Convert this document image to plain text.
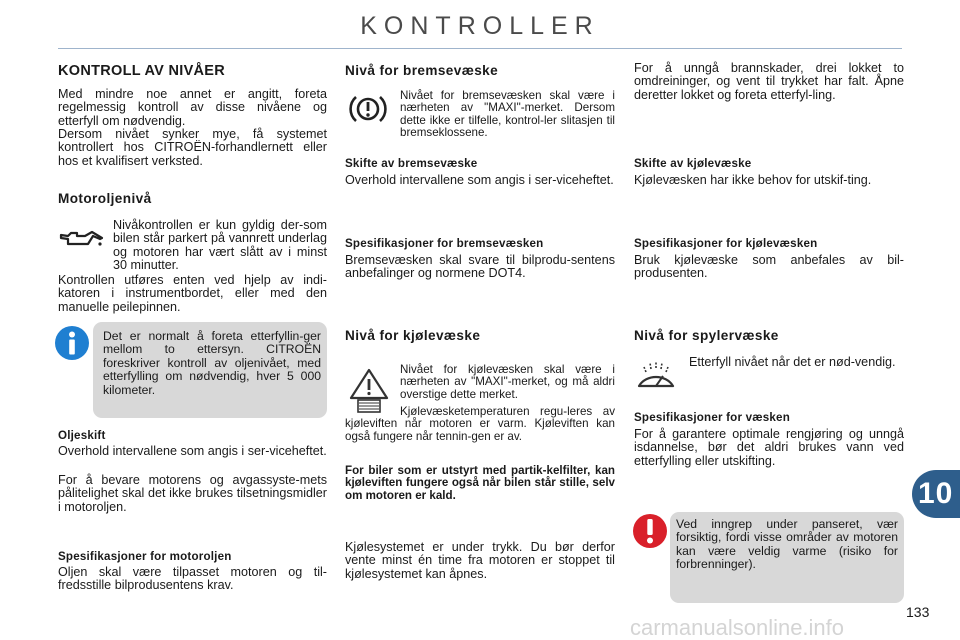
KONTROLLER
KONTROLL AV NIVÅER

Med mindre noe annet er angitt, foreta regelmessig kontroll av disse nivåene og etterfyll om nødvendig.

Dersom nivået synker mye, få systemet kontrollert hos CITROËN-forhandlernett eller hos et kvalifisert verksted.

Motoroljenivå

Nivåkontrollen er kun gyldig der-som bilen står parkert på vannrett underlag og motoren har vært slått av i minst 30 minutter.

Kontrollen utføres enten ved hjelp av indi-katoren i instrumentbordet, eller med den manuelle peilepinnen.

Det er normalt å foreta etterfyllin-ger mellom to ettersyn. CITROËN foreskriver kontroll av oljenivået, med etterfylling om nødvendig, hver 5 000 kilometer.

Oljeskift

Overhold intervallene som angis i ser-viceheftet.

For å bevare motorens og avgassyste-mets pålitelighet skal det ikke brukes tilsetningsmidler i motoroljen.

Spesifikasjoner for motoroljen

Oljen skal være tilpasset motoren og til-fredsstille bilprodusentens krav.

Nivå for bremsevæske

Nivået for bremsevæsken skal være i nærheten av "MAXI"-merket. Dersom dette ikke er tilfelle, kontrol-ler slitasjen til bremseklossene.

Skifte av bremsevæske

Overhold intervallene som angis i ser-viceheftet.

Spesifikasjoner for bremsevæsken

Bremsevæsken skal svare til bilprodu-sentens anbefalinger og normene DOT4.

Nivå for kjølevæske

Nivået for kjølevæsken skal være i nærheten av "MAXI"-merket, og må aldri overstige dette merket.

Kjølevæsketemperaturen regu-leres av kjøleviften når motoren er varm. Kjøleviften kan også fungere når tennin-gen er av.

For biler som er utstyrt med partik-kelfilter, kan kjøleviften fungere også når bilen står stille, selv om motoren er kald.

Kjølesystemet er under trykk. Du bør derfor vente minst én time fra motoren er stoppet til kjølesystemet kan åpnes.

For å unngå brannskader, drei lokket to omdreininger, og vent til trykket har falt. Åpne deretter lokket og foreta etterfyl-ling.

Skifte av kjølevæske

Kjølevæsken har ikke behov for utskif-ting.

Spesifikasjoner for kjølevæsken

Bruk kjølevæske som anbefales av bil-produsenten.

Nivå for spylervæske

Etterfyll nivået når det er nød-vendig.

Spesifikasjoner for væsken

For å garantere optimale rengjøring og unngå isdannelse, bør det aldri brukes vann ved etterfylling eller utskifting.

Ved inngrep under panseret, vær forsiktig, fordi visse områder av motoren kan være veldig varme (risiko for forbrenninger).

10
133
carmanualsonline.info
